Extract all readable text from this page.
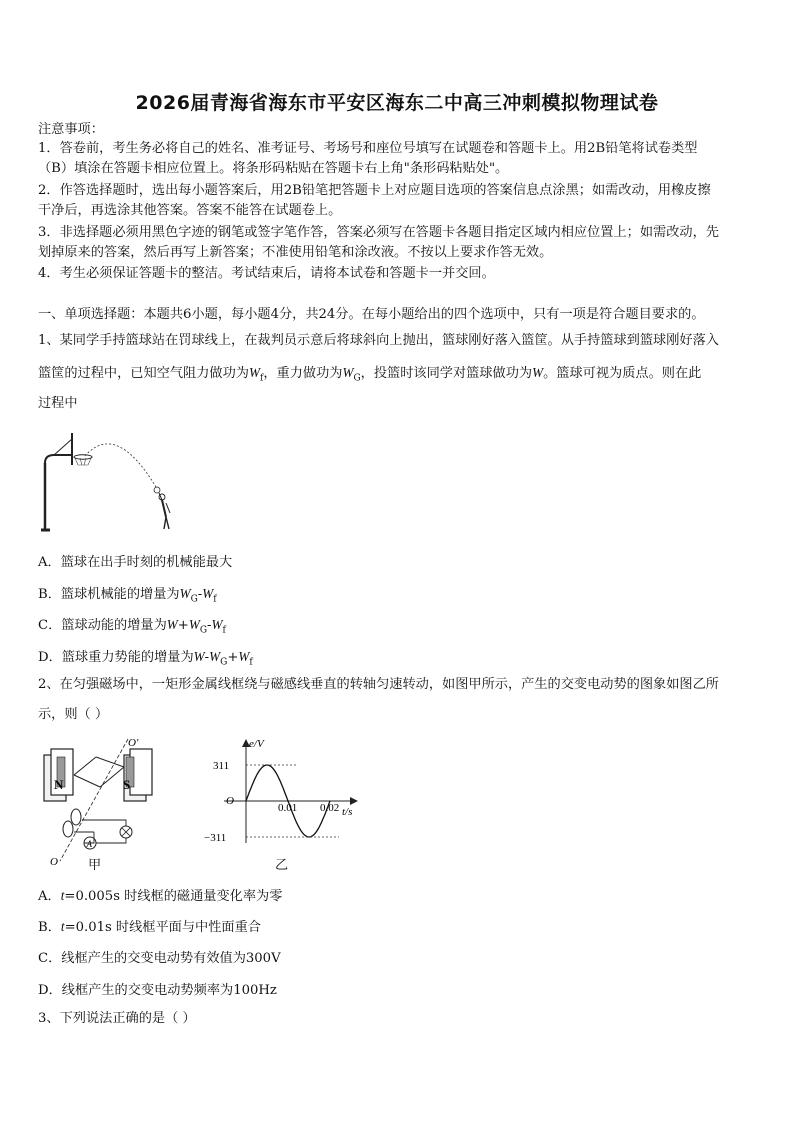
2026届青海省海东市平安区海东二中高三冲刺模拟物理试卷
注意事项：
1．答卷前，考生务必将自己的姓名、准考证号、考场号和座位号填写在试题卷和答题卡上。用2B铅笔将试卷类型
（B）填涂在答题卡相应位置上。将条形码粘贴在答题卡右上角"条形码粘贴处"。
2．作答选择题时，选出每小题答案后，用2B铅笔把答题卡上对应题目选项的答案信息点涂黑；如需改动，用橡皮擦
干净后，再选涂其他答案。答案不能答在试题卷上。
3．非选择题必须用黑色字迹的钢笔或签字笔作答，答案必须写在答题卡各题目指定区域内相应位置上；如需改动，先
划掉原来的答案，然后再写上新答案；不准使用铅笔和涂改液。不按以上要求作答无效。
4．考生必须保证答题卡的整洁。考试结束后，请将本试卷和答题卡一并交回。
一、单项选择题：本题共6小题，每小题4分，共24分。在每小题给出的四个选项中，只有一项是符合题目要求的。
1、某同学手持篮球站在罚球线上，在裁判员示意后将球斜向上抛出，篮球刚好落入篮筐。从手持篮球到篮球刚好落入
篮筐的过程中，已知空气阻力做功为$W_f$，重力做功为$W_G$，投篮时该同学对篮球做功为W。篮球可视为质点。则在此
过程中
A．篮球在出手时刻的机械能最大
B．篮球机械能的增量为$W_G-W_f$
C．篮球动能的增量为$W+W_G-W_f$
D．篮球重力势能的增量为$W-W_G+W_f$
2、在匀强磁场中，一矩形金属线框绕与磁感线垂直的转轴匀速转动，如图甲所示，产生的交变电动势的图象如图乙所
示，则（ ）
N	S
O'
O
A
甲
e/V
O
t/s
311
−311
0.01 0.02
乙
A．t=0.005s 时线框的磁通量变化率为零
B．t=0.01s 时线框平面与中性面重合
C．线框产生的交变电动势有效值为300V
D．线框产生的交变电动势频率为100Hz
3、下列说法正确的是（ ）
